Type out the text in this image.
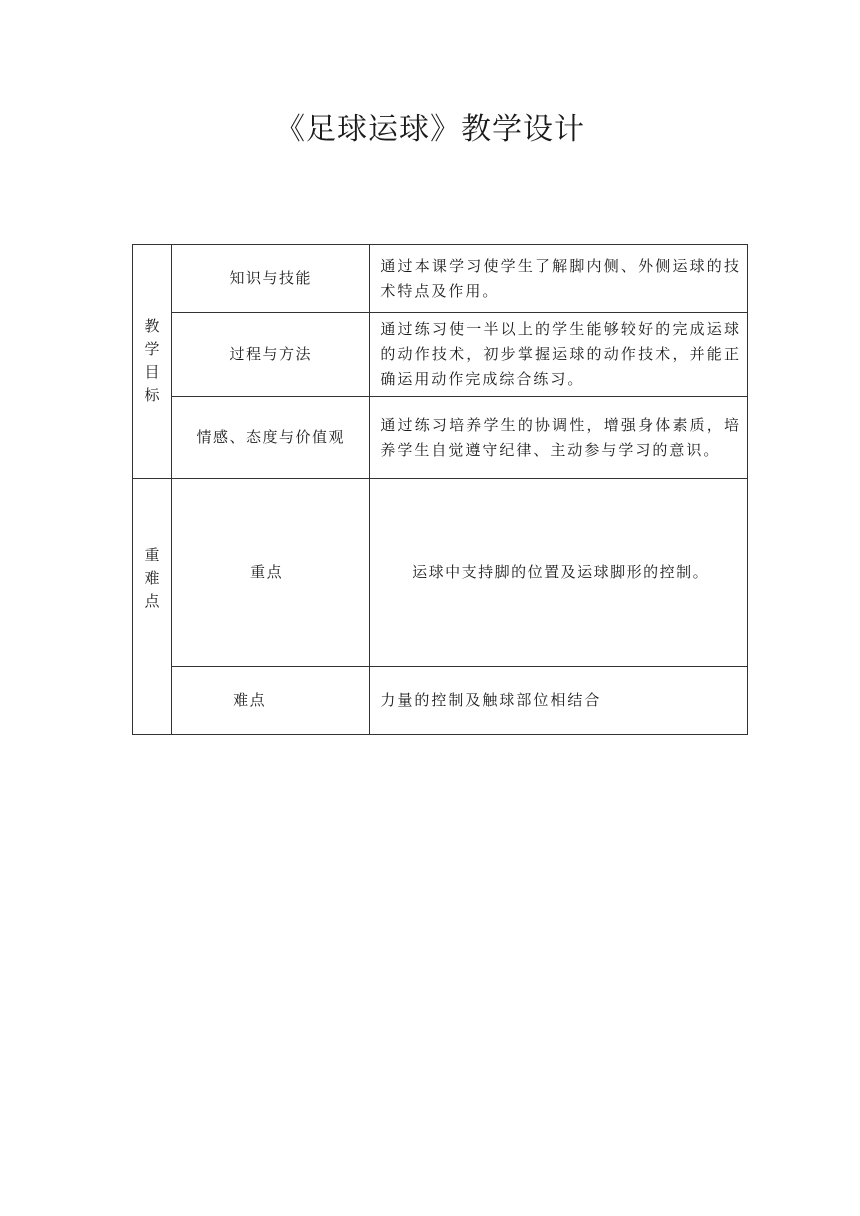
《足球运球》教学设计
教学目标	知识与技能	通过本课学习使学生了解脚内侧、外侧运球的技术特点及作用。
	过程与方法	通过练习使一半以上的学生能够较好的完成运球的动作技术，初步掌握运球的动作技术，并能正确运用动作完成综合练习。
	情感、态度与价值观	通过练习培养学生的协调性，增强身体素质，培养学生自觉遵守纪律、主动参与学习的意识。
重难点	重点	运球中支持脚的位置及运球脚形的控制。
	难点	力量的控制及触球部位相结合
